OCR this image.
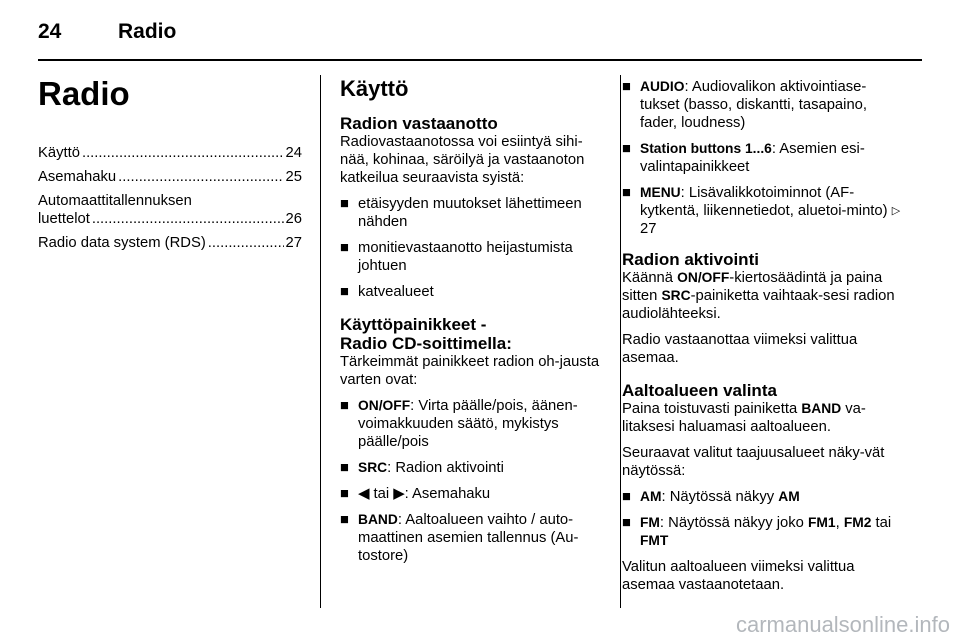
24	Radio
Radio
Käyttö .....	24
Asemahaku .....	25
Automaattitallennuksen
luettelot .....	26
Radio data system (RDS) .....	27
Käyttö
Radion vastaanotto

Radiovastaanotossa voi esiintyä sihi-nää, kohinaa, säröilyä ja vastaanoton katkeilua seuraavista syistä:

■ etäisyyden muutokset lähettimeen nähden
■ monitievastaanotto heijastumista johtuen
■ katvealueet
Käyttöpainikkeet -
Radio CD-soittimella:

Tärkeimmät painikkeet radion oh-jausta varten ovat:

■ ON/OFF: Virta päälle/pois, äänen-voimakkuuden säätö, mykistys päälle/pois
■ SRC: Radion aktivointi
■ ◀ tai ▶: Asemahaku
■ BAND: Aaltoalueen vaihto / auto-maattinen asemien tallennus (Au-tostore)
■ AUDIO: Audiovalikon aktivointiase-tukset (basso, diskantti, tasapaino, fader, loudness)
■ Station buttons 1...6: Asemien esi-valintapainikkeet
■ MENU: Lisävalikkotoiminnot (AF-kytkentä, liikennetiedot, aluetoi-minto) ▷ 27
Radion aktivointi

Käännä ON/OFF-kiertosäädintä ja paina sitten SRC-painiketta vaihtaak-sesi radion audiolähteeksi.

Radio vastaanottaa viimeksi valittua asemaa.

Aaltoalueen valinta

Paina toistuvasti painiketta BAND va-litaksesi haluamasi aaltoalueen.

Seuraavat valitut taajuusalueet näky-vät näytössä:

■ AM: Näytössä näkyy AM
■ FM: Näytössä näkyy joko FM1, FM2 tai FMT

Valitun aaltoalueen viimeksi valittua asemaa vastaanotetaan.

carmanualsonline.info
